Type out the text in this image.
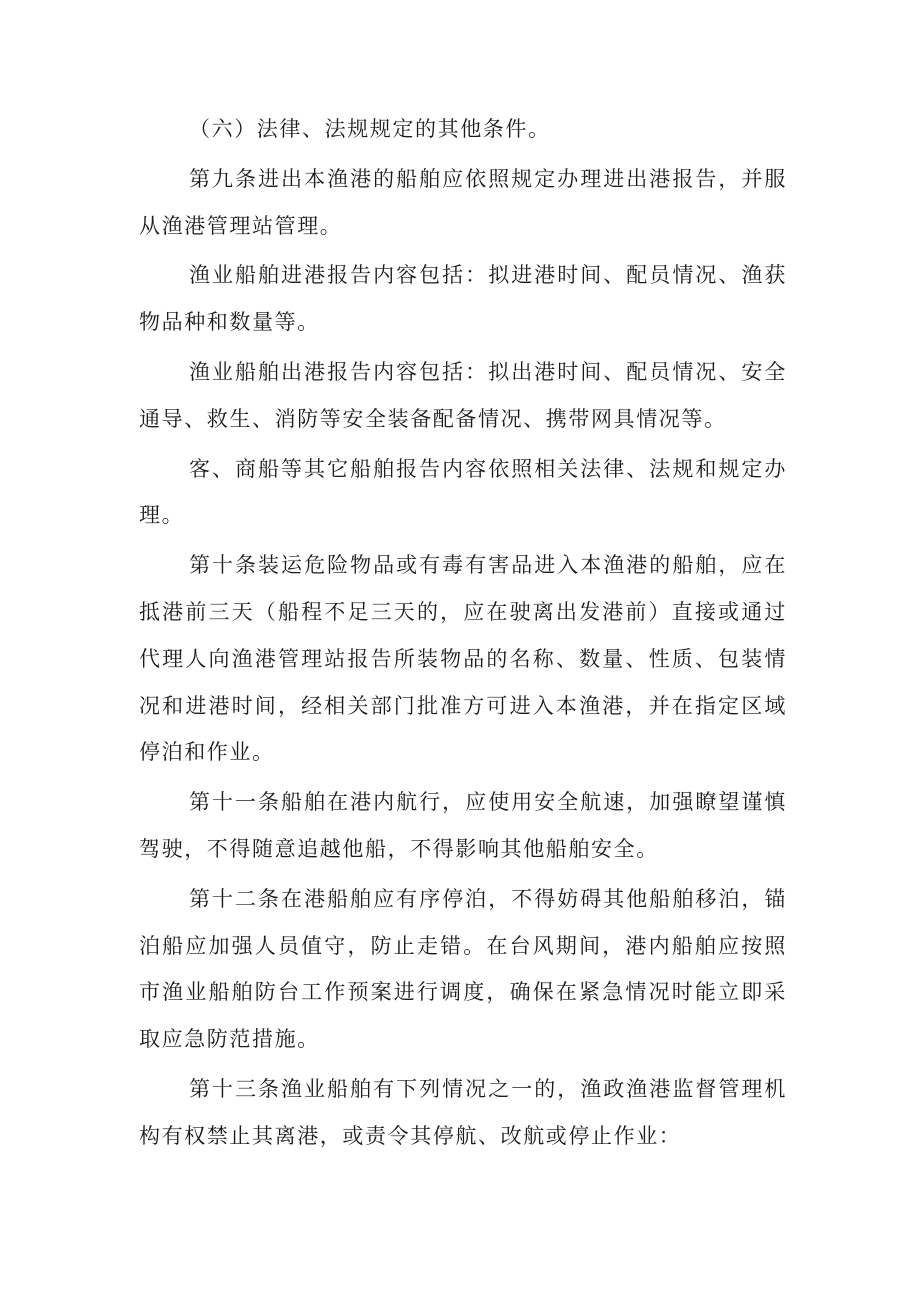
（六）法律、法规规定的其他条件。

第九条进出本渔港的船舶应依照规定办理进出港报告，并服从渔港管理站管理。

渔业船舶进港报告内容包括：拟进港时间、配员情况、渔获物品种和数量等。

渔业船舶出港报告内容包括：拟出港时间、配员情况、安全通导、救生、消防等安全装备配备情况、携带网具情况等。

客、商船等其它船舶报告内容依照相关法律、法规和规定办理。

第十条装运危险物品或有毒有害品进入本渔港的船舶，应在抵港前三天（船程不足三天的，应在驶离出发港前）直接或通过代理人向渔港管理站报告所装物品的名称、数量、性质、包装情况和进港时间，经相关部门批准方可进入本渔港，并在指定区域停泊和作业。

第十一条船舶在港内航行，应使用安全航速，加强瞭望谨慎驾驶，不得随意追越他船，不得影响其他船舶安全。

第十二条在港船舶应有序停泊，不得妨碍其他船舶移泊，锚泊船应加强人员值守，防止走错。在台风期间，港内船舶应按照市渔业船舶防台工作预案进行调度，确保在紧急情况时能立即采取应急防范措施。

第十三条渔业船舶有下列情况之一的，渔政渔港监督管理机构有权禁止其离港，或责令其停航、改航或停止作业：
